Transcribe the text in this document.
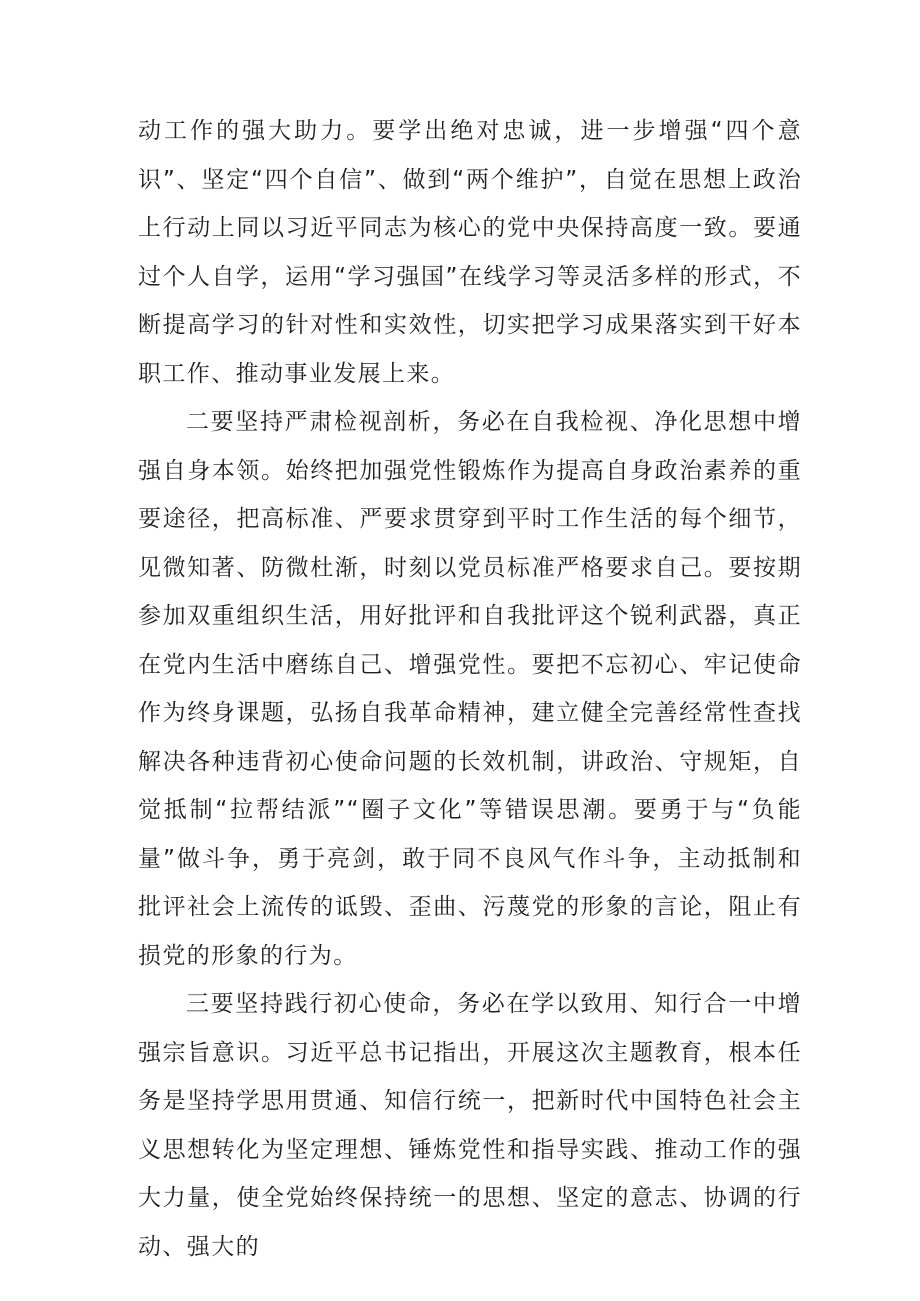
动工作的强大助力。要学出绝对忠诚，进一步增强“四个意识”、坚定“四个自信”、做到“两个维护”，自觉在思想上政治上行动上同以习近平同志为核心的党中央保持高度一致。要通过个人自学，运用“学习强国”在线学习等灵活多样的形式，不断提高学习的针对性和实效性，切实把学习成果落实到干好本职工作、推动事业发展上来。

二要坚持严肃检视剖析，务必在自我检视、净化思想中增强自身本领。始终把加强党性锻炼作为提高自身政治素养的重要途径，把高标准、严要求贯穿到平时工作生活的每个细节，见微知著、防微杜渐，时刻以党员标准严格要求自己。要按期参加双重组织生活，用好批评和自我批评这个锐利武器，真正在党内生活中磨练自己、增强党性。要把不忘初心、牢记使命作为终身课题，弘扬自我革命精神，建立健全完善经常性查找解决各种违背初心使命问题的长效机制，讲政治、守规矩，自觉抵制“拉帮结派”“圈子文化”等错误思潮。要勇于与“负能量”做斗争，勇于亮剑，敢于同不良风气作斗争，主动抵制和批评社会上流传的诋毁、歪曲、污蔑党的形象的言论，阻止有损党的形象的行为。

三要坚持践行初心使命，务必在学以致用、知行合一中增强宗旨意识。习近平总书记指出，开展这次主题教育，根本任务是坚持学思用贯通、知信行统一，把新时代中国特色社会主义思想转化为坚定理想、锤炼党性和指导实践、推动工作的强大力量，使全党始终保持统一的思想、坚定的意志、协调的行动、强大的
